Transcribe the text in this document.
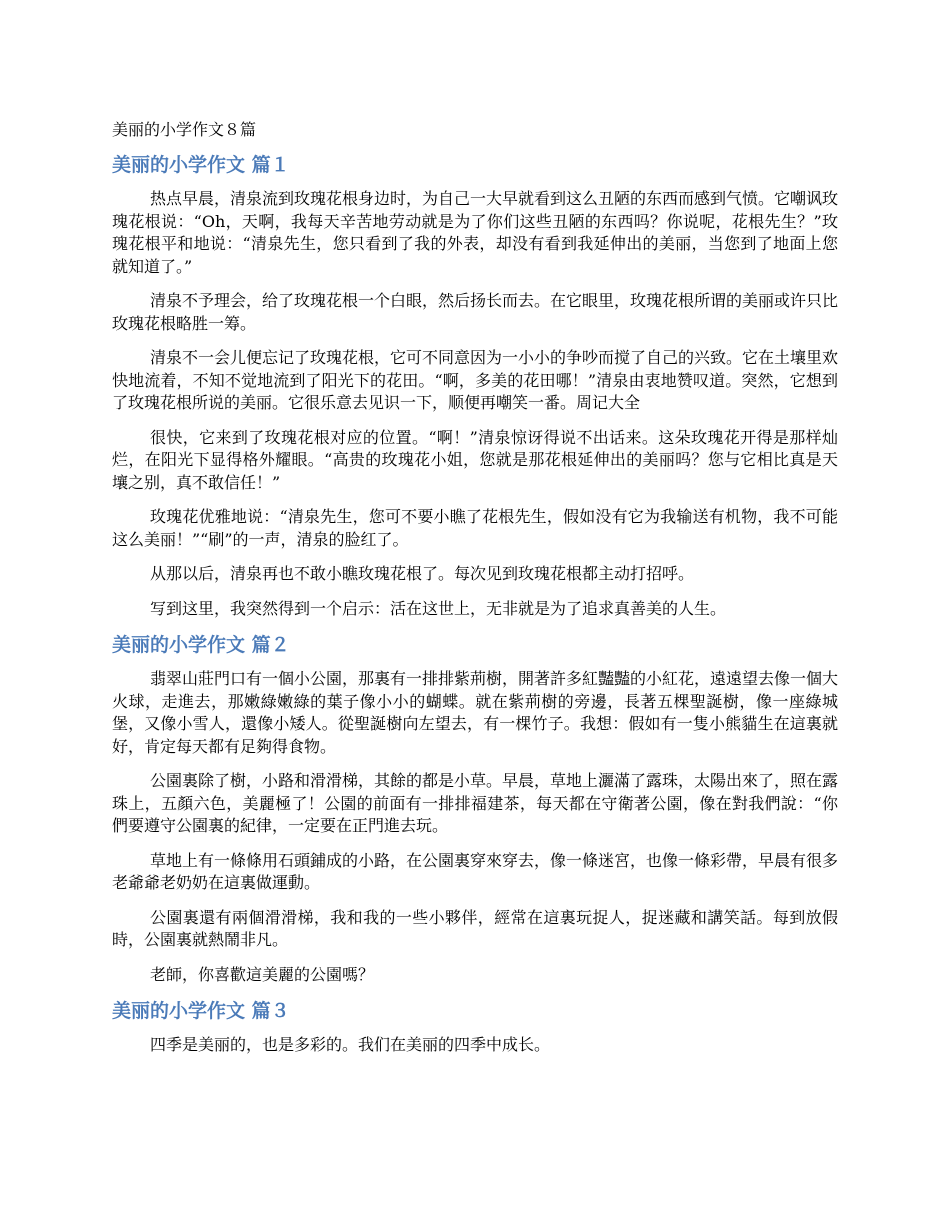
美丽的小学作文８篇
美丽的小学作文 篇１

热点早晨，清泉流到玫瑰花根身边时，为自己一大早就看到这么丑陋的东西而感到气愤。它嘲讽玫瑰花根说：“Oh，天啊，我每天辛苦地劳动就是为了你们这些丑陋的东西吗？你说呢，花根先生？”玫瑰花根平和地说：“清泉先生，您只看到了我的外表，却没有看到我延伸出的美丽，当您到了地面上您就知道了。”

清泉不予理会，给了玫瑰花根一个白眼，然后扬长而去。在它眼里，玫瑰花根所谓的美丽或许只比玫瑰花根略胜一筹。

清泉不一会儿便忘记了玫瑰花根，它可不同意因为一小小的争吵而搅了自己的兴致。它在土壤里欢快地流着，不知不觉地流到了阳光下的花田。“啊，多美的花田哪！”清泉由衷地赞叹道。突然，它想到了玫瑰花根所说的美丽。它很乐意去见识一下，顺便再嘲笑一番。周记大全

很快，它来到了玫瑰花根对应的位置。“啊！”清泉惊讶得说不出话来。这朵玫瑰花开得是那样灿烂，在阳光下显得格外耀眼。“高贵的玫瑰花小姐，您就是那花根延伸出的美丽吗？您与它相比真是天壤之别，真不敢信任！”

玫瑰花优雅地说：“清泉先生，您可不要小瞧了花根先生，假如没有它为我输送有机物，我不可能这么美丽！”“刷”的一声，清泉的脸红了。

从那以后，清泉再也不敢小瞧玫瑰花根了。每次见到玫瑰花根都主动打招呼。

写到这里，我突然得到一个启示：活在这世上，无非就是为了追求真善美的人生。

美丽的小学作文 篇２

翡翠山莊門口有一個小公園，那裏有一排排紫荊樹，開著許多紅豔豔的小紅花，遠遠望去像一個大火球，走進去，那嫩綠嫩綠的葉子像小小的蝴蝶。就在紫荊樹的旁邊，長著五棵聖誕樹，像一座綠城堡，又像小雪人，還像小矮人。從聖誕樹向左望去，有一棵竹子。我想：假如有一隻小熊貓生在這裏就好，肯定每天都有足夠得食物。

公園裏除了樹，小路和滑滑梯，其餘的都是小草。早晨，草地上灑滿了露珠，太陽出來了，照在露珠上，五顏六色，美麗極了！公園的前面有一排排福建茶，每天都在守衛著公園，像在對我們說：“你們要遵守公園裏的紀律，一定要在正門進去玩。

草地上有一條條用石頭鋪成的小路，在公園裏穿來穿去，像一條迷宮，也像一條彩帶，早晨有很多老爺爺老奶奶在這裏做運動。

公園裏還有兩個滑滑梯，我和我的一些小夥伴，經常在這裏玩捉人，捉迷藏和講笑話。每到放假時，公園裏就熱鬧非凡。

老師，你喜歡這美麗的公園嗎？

美丽的小学作文 篇３

四季是美丽的，也是多彩的。我们在美丽的四季中成长。
